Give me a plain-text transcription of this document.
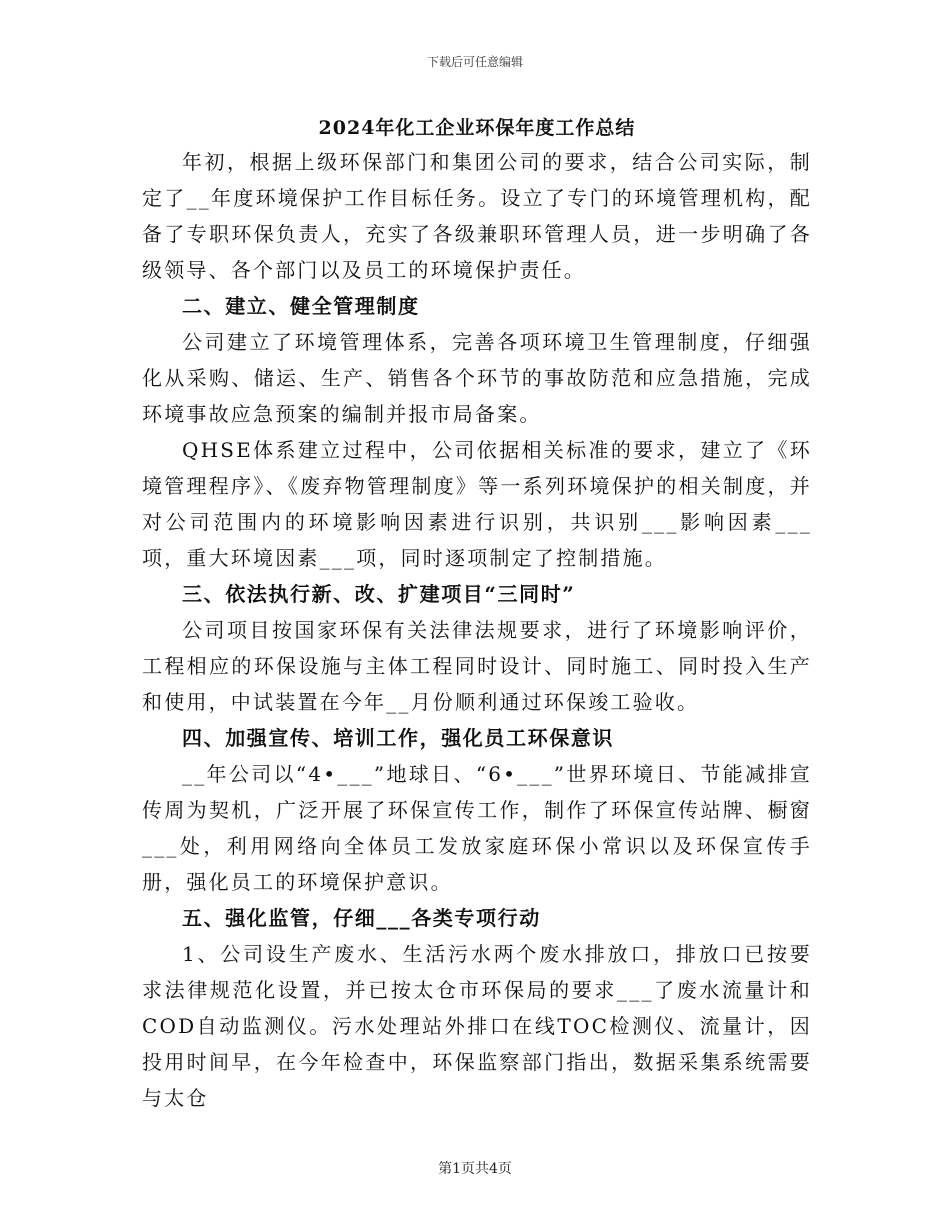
下载后可任意编辑
2024年化工企业环保年度工作总结

年初，根据上级环保部门和集团公司的要求，结合公司实际，制定了__年度环境保护工作目标任务。设立了专门的环境管理机构，配备了专职环保负责人，充实了各级兼职环管理人员，进一步明确了各级领导、各个部门以及员工的环境保护责任。

二、建立、健全管理制度

公司建立了环境管理体系，完善各项环境卫生管理制度，仔细强化从采购、储运、生产、销售各个环节的事故防范和应急措施，完成环境事故应急预案的编制并报市局备案。

QHSE体系建立过程中，公司依据相关标准的要求，建立了《环境管理程序》、《废弃物管理制度》等一系列环境保护的相关制度，并对公司范围内的环境影响因素进行识别，共识别___影响因素___项，重大环境因素___项，同时逐项制定了控制措施。

三、依法执行新、改、扩建项目“三同时”

公司项目按国家环保有关法律法规要求，进行了环境影响评价，工程相应的环保设施与主体工程同时设计、同时施工、同时投入生产和使用，中试装置在今年__月份顺利通过环保竣工验收。

四、加强宣传、培训工作，强化员工环保意识

__年公司以“4•___”地球日、“6•___”世界环境日、节能减排宣传周为契机，广泛开展了环保宣传工作，制作了环保宣传站牌、橱窗___处，利用网络向全体员工发放家庭环保小常识以及环保宣传手册，强化员工的环境保护意识。

五、强化监管，仔细___各类专项行动

1、公司设生产废水、生活污水两个废水排放口，排放口已按要求法律规范化设置，并已按太仓市环保局的要求___了废水流量计和COD自动监测仪。污水处理站外排口在线TOC检测仪、流量计，因投用时间早，在今年检查中，环保监察部门指出，数据采集系统需要与太仓

第1页共4页
